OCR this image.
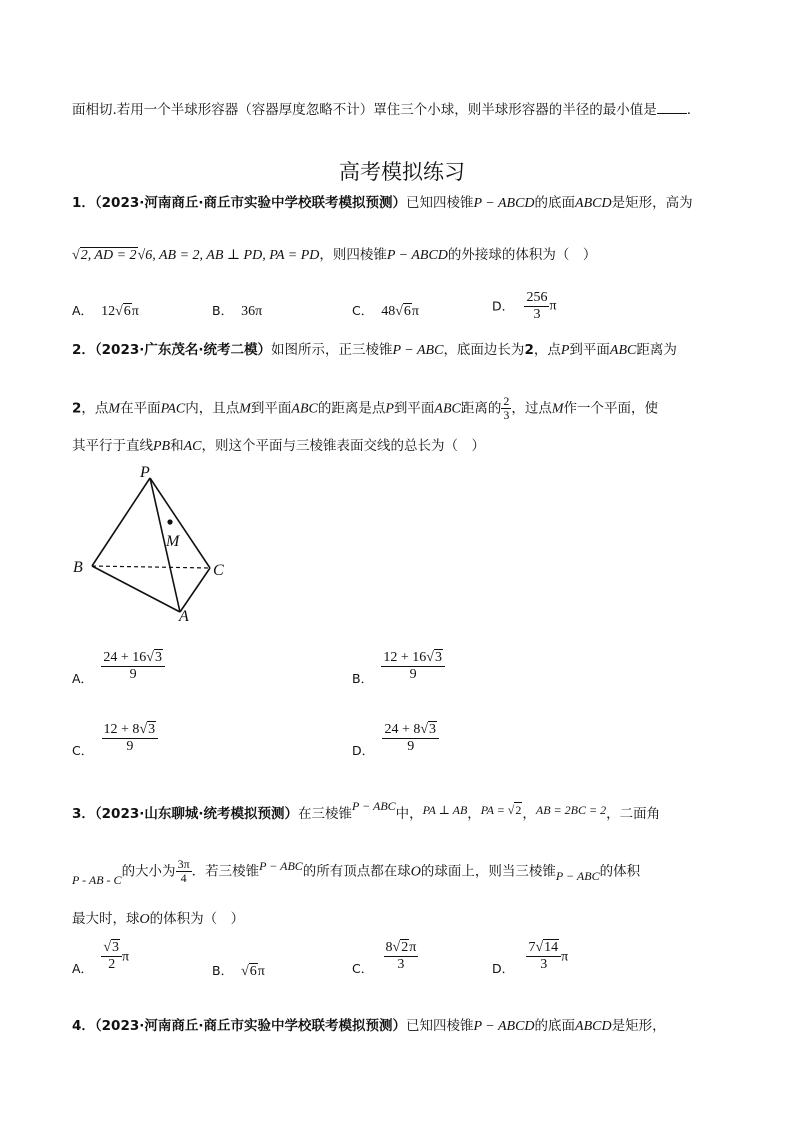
面相切.若用一个半球形容器（容器厚度忽略不计）罩住三个小球，则半球形容器的半径的最小值是 .
高考模拟练习
1．（2023·河南商丘·商丘市实验中学校联考模拟预测）已知四棱锥P − ABCD的底面ABCD是矩形，高为
√2, AD = 2√6, AB = 2, AB ⊥ PD, PA = PD，则四棱锥P − ABCD的外接球的体积为（　）
A． 12√6π	B． 36π	C． 48√6π	D． $\frac{256}{3}$ π
2．（2023·广东茂名·统考二模）如图所示，正三棱锥P − ABC，底面边长为2，点P到平面ABC距离为
2，点M在平面PAC内，且点M到平面ABC的距离是点P到平面ABC距离的 $\frac{2}{3}$ ，过点M作一个平面，使
其平行于直线PB和AC，则这个平面与三棱锥表面交线的总长为（　）
P
M
B	C
A
A． $\frac{24 + 16√3}{9}$	B． $\frac{12 + 16√3}{9}$
C． $\frac{12 + 8√3}{9}$	D． $\frac{24 + 8√3}{9}$
3．（2023·山东聊城·统考模拟预测）在三棱锥P − ABC中，PA ⊥ AB，PA = √2，AB = 2BC = 2，二面角
P - AB - C的大小为 $\frac{3\pi}{4}$ ．若三棱锥P − ABC的所有顶点都在球O的球面上，则当三棱锥P − ABC的体积
最大时，球O的体积为（　）
A． $\frac{√3}{2}$ π
B． √6π	C． $\frac{8√2\pi}{3}$	D． $\frac{7√14}{3}$ π
4．（2023·河南商丘·商丘市实验中学校联考模拟预测）已知四棱锥P − ABCD的底面ABCD是矩形，
